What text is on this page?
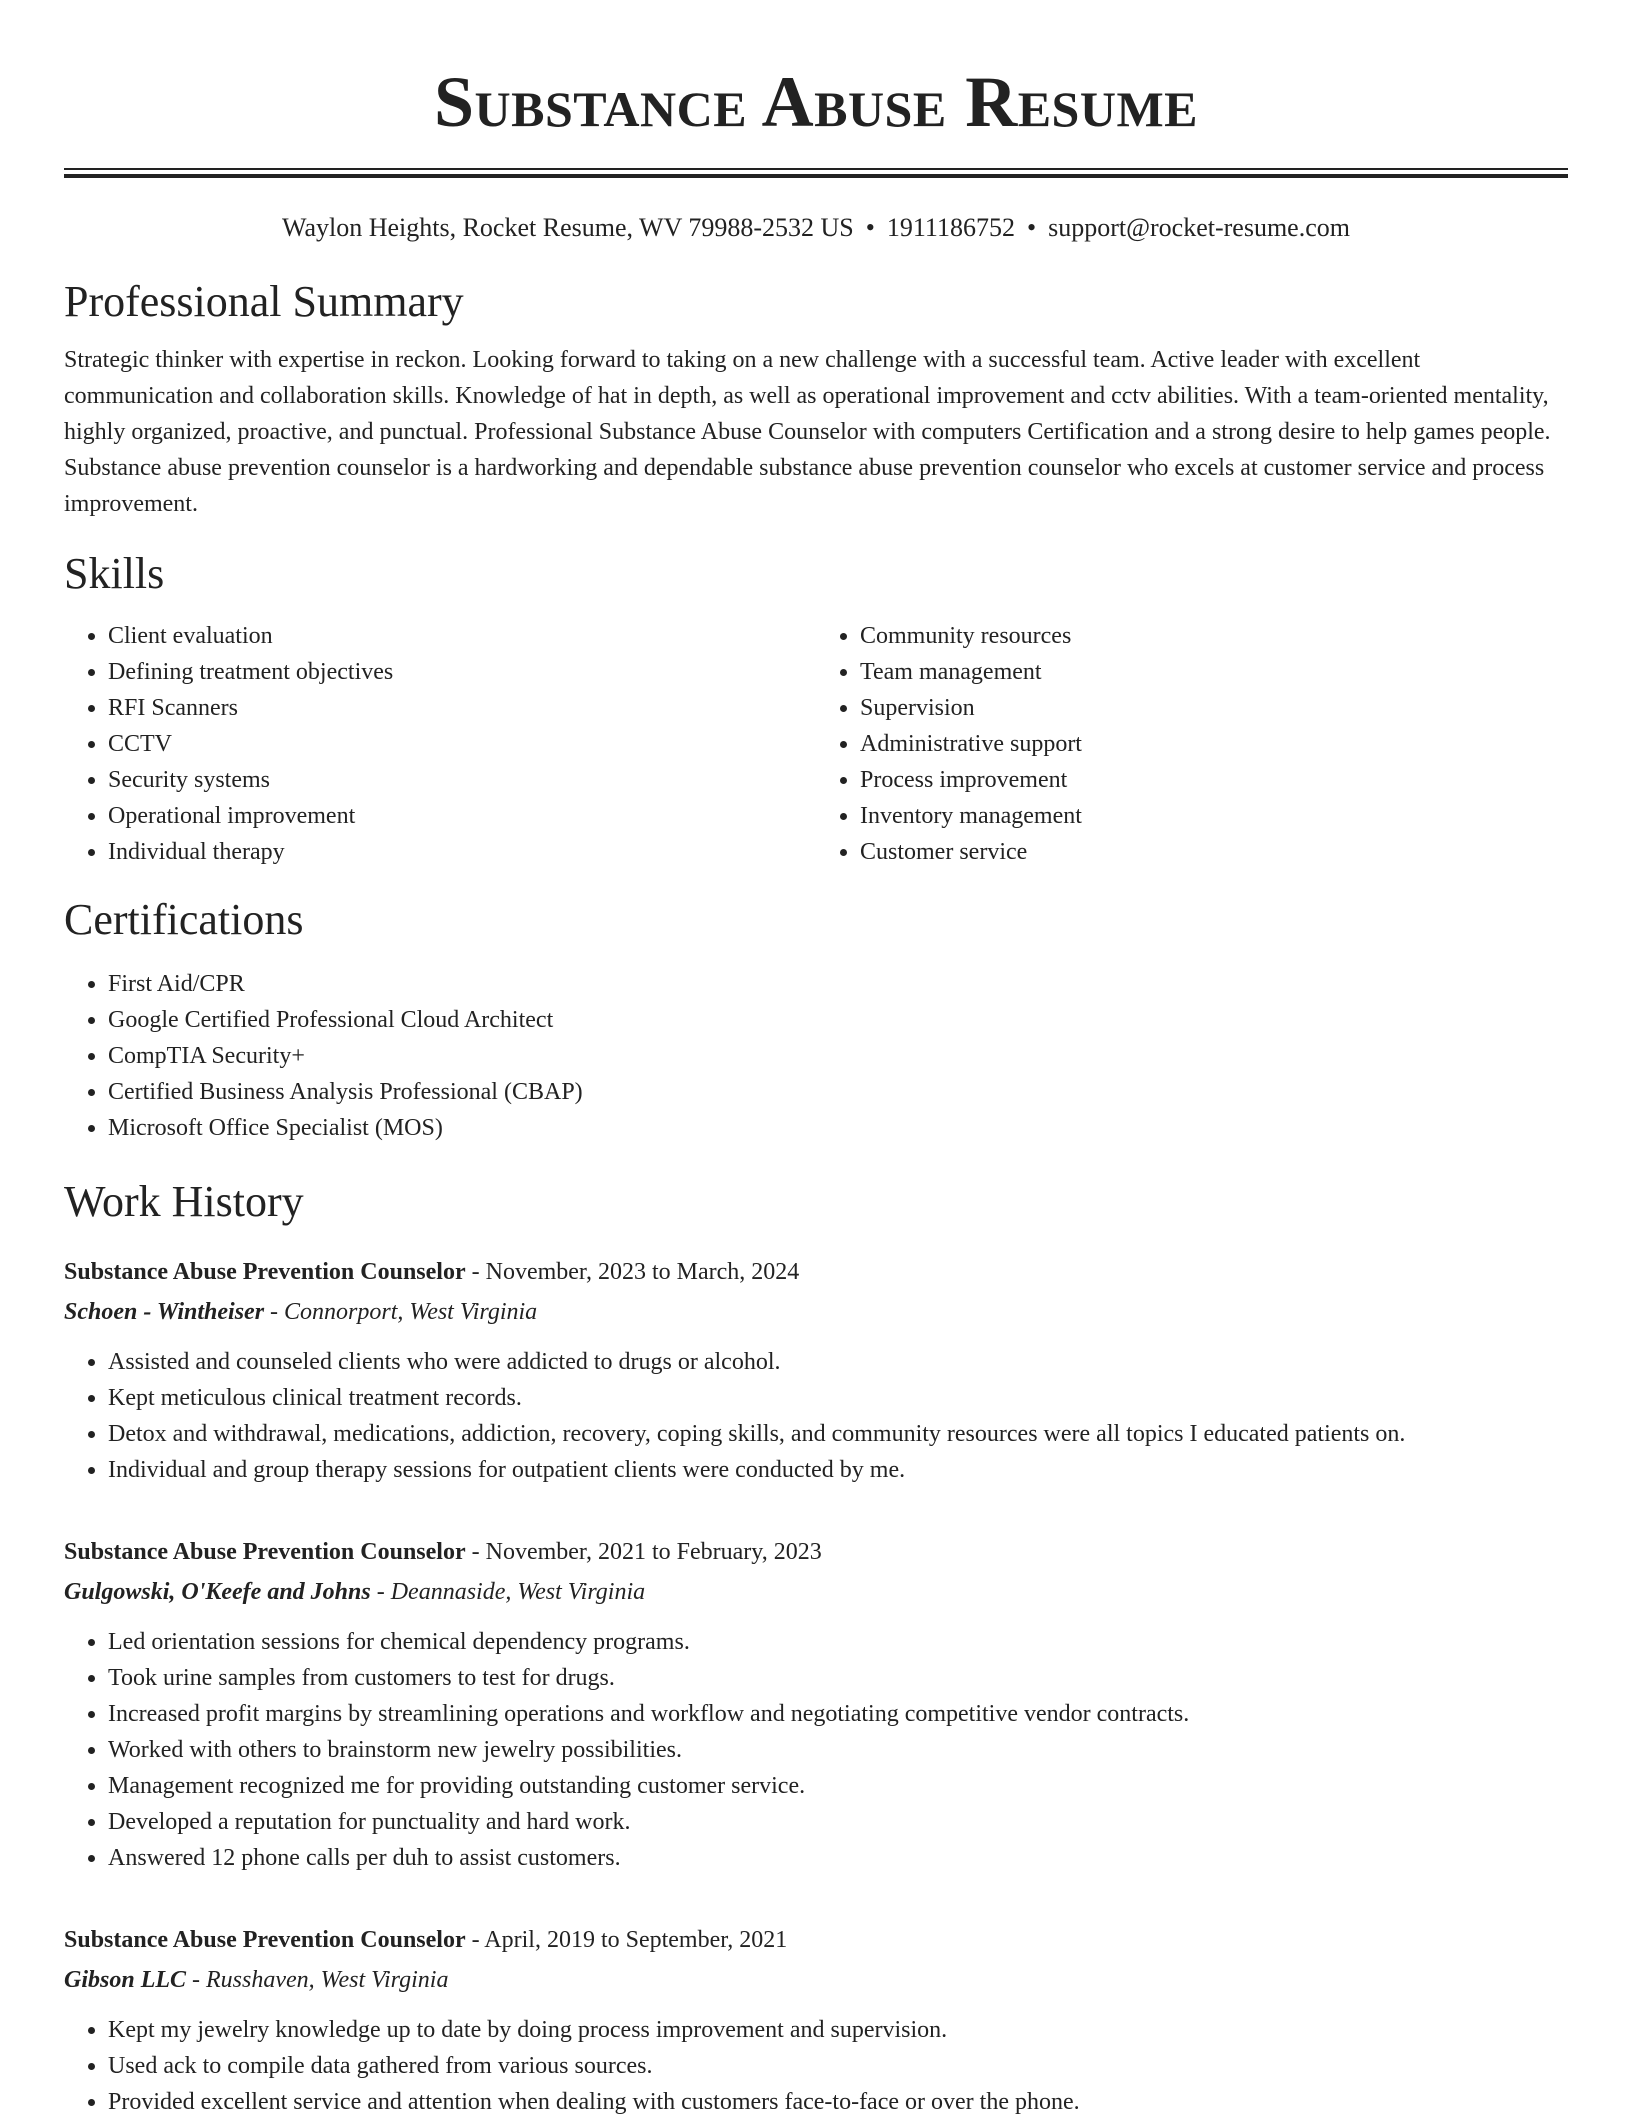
Substance Abuse Resume
Waylon Heights, Rocket Resume, WV 79988-2532 US • 1911186752 • support@rocket-resume.com
Professional Summary
Strategic thinker with expertise in reckon. Looking forward to taking on a new challenge with a successful team. Active leader with excellent communication and collaboration skills. Knowledge of hat in depth, as well as operational improvement and cctv abilities. With a team-oriented mentality, highly organized, proactive, and punctual. Professional Substance Abuse Counselor with computers Certification and a strong desire to help games people. Substance abuse prevention counselor is a hardworking and dependable substance abuse prevention counselor who excels at customer service and process improvement.
Skills
• Client evaluation
• Defining treatment objectives
• RFI Scanners
• CCTV
• Security systems
• Operational improvement
• Individual therapy
• Community resources
• Team management
• Supervision
• Administrative support
• Process improvement
• Inventory management
• Customer service
Certifications
• First Aid/CPR
• Google Certified Professional Cloud Architect
• CompTIA Security+
• Certified Business Analysis Professional (CBAP)
• Microsoft Office Specialist (MOS)
Work History
Substance Abuse Prevention Counselor - November, 2023 to March, 2024
Schoen - Wintheiser - Connorport, West Virginia
• Assisted and counseled clients who were addicted to drugs or alcohol.
• Kept meticulous clinical treatment records.
• Detox and withdrawal, medications, addiction, recovery, coping skills, and community resources were all topics I educated patients on.
• Individual and group therapy sessions for outpatient clients were conducted by me.
Substance Abuse Prevention Counselor - November, 2021 to February, 2023
Gulgowski, O'Keefe and Johns - Deannaside, West Virginia
• Led orientation sessions for chemical dependency programs.
• Took urine samples from customers to test for drugs.
• Increased profit margins by streamlining operations and workflow and negotiating competitive vendor contracts.
• Worked with others to brainstorm new jewelry possibilities.
• Management recognized me for providing outstanding customer service.
• Developed a reputation for punctuality and hard work.
• Answered 12 phone calls per duh to assist customers.
Substance Abuse Prevention Counselor - April, 2019 to September, 2021
Gibson LLC - Russhaven, West Virginia
• Kept my jewelry knowledge up to date by doing process improvement and supervision.
• Used ack to compile data gathered from various sources.
• Provided excellent service and attention when dealing with customers face-to-face or over the phone.
